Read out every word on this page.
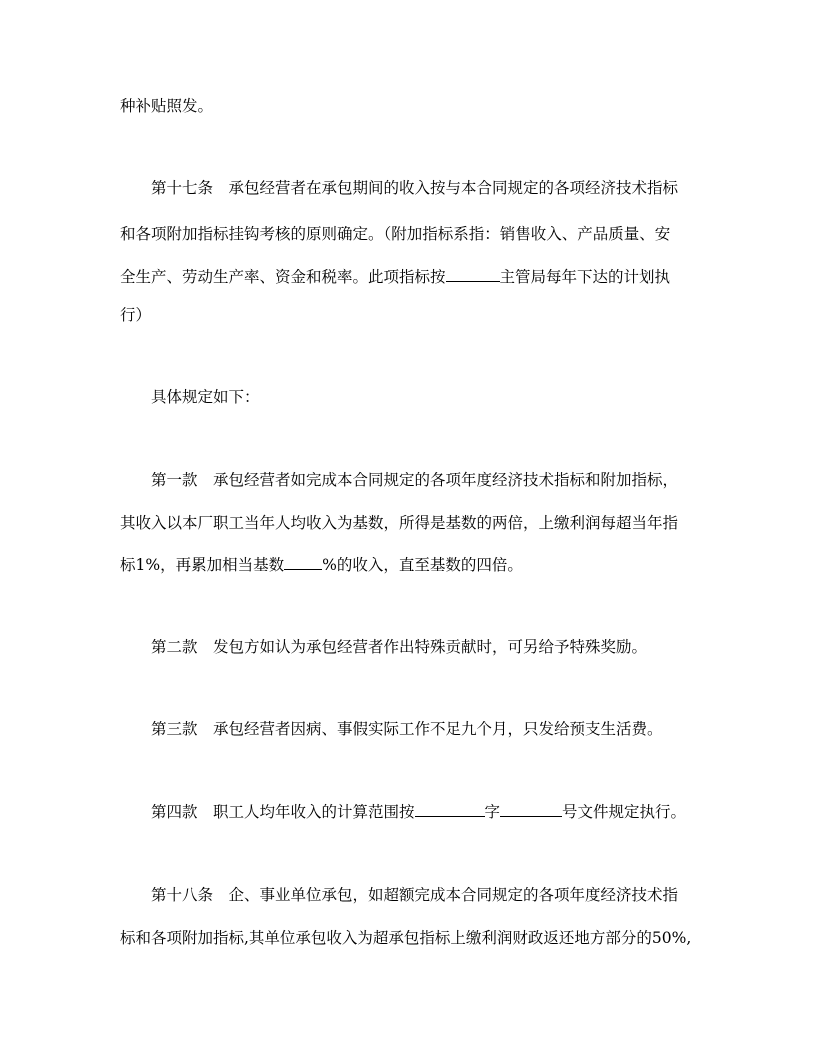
种补贴照发。
第十七条　承包经营者在承包期间的收入按与本合同规定的各项经济技术指标
和各项附加指标挂钩考核的原则确定。（附加指标系指：销售收入、产品质量、安
全生产、劳动生产率、资金和税率。此项指标按	主管局每年下达的计划执
行）
具体规定如下：
第一款　承包经营者如完成本合同规定的各项年度经济技术指标和附加指标，
其收入以本厂职工当年人均收入为基数，所得是基数的两倍，上缴利润每超当年指
标1%，再累加相当基数 %的收入，直至基数的四倍。
第二款　发包方如认为承包经营者作出特殊贡献时，可另给予特殊奖励。
第三款　承包经营者因病、事假实际工作不足九个月，只发给预支生活费。
第四款　职工人均年收入的计算范围按	字	号文件规定执行。
第十八条　企、事业单位承包，如超额完成本合同规定的各项年度经济技术指
标和各项附加指标,其单位承包收入为超承包指标上缴利润财政返还地方部分的50%,
